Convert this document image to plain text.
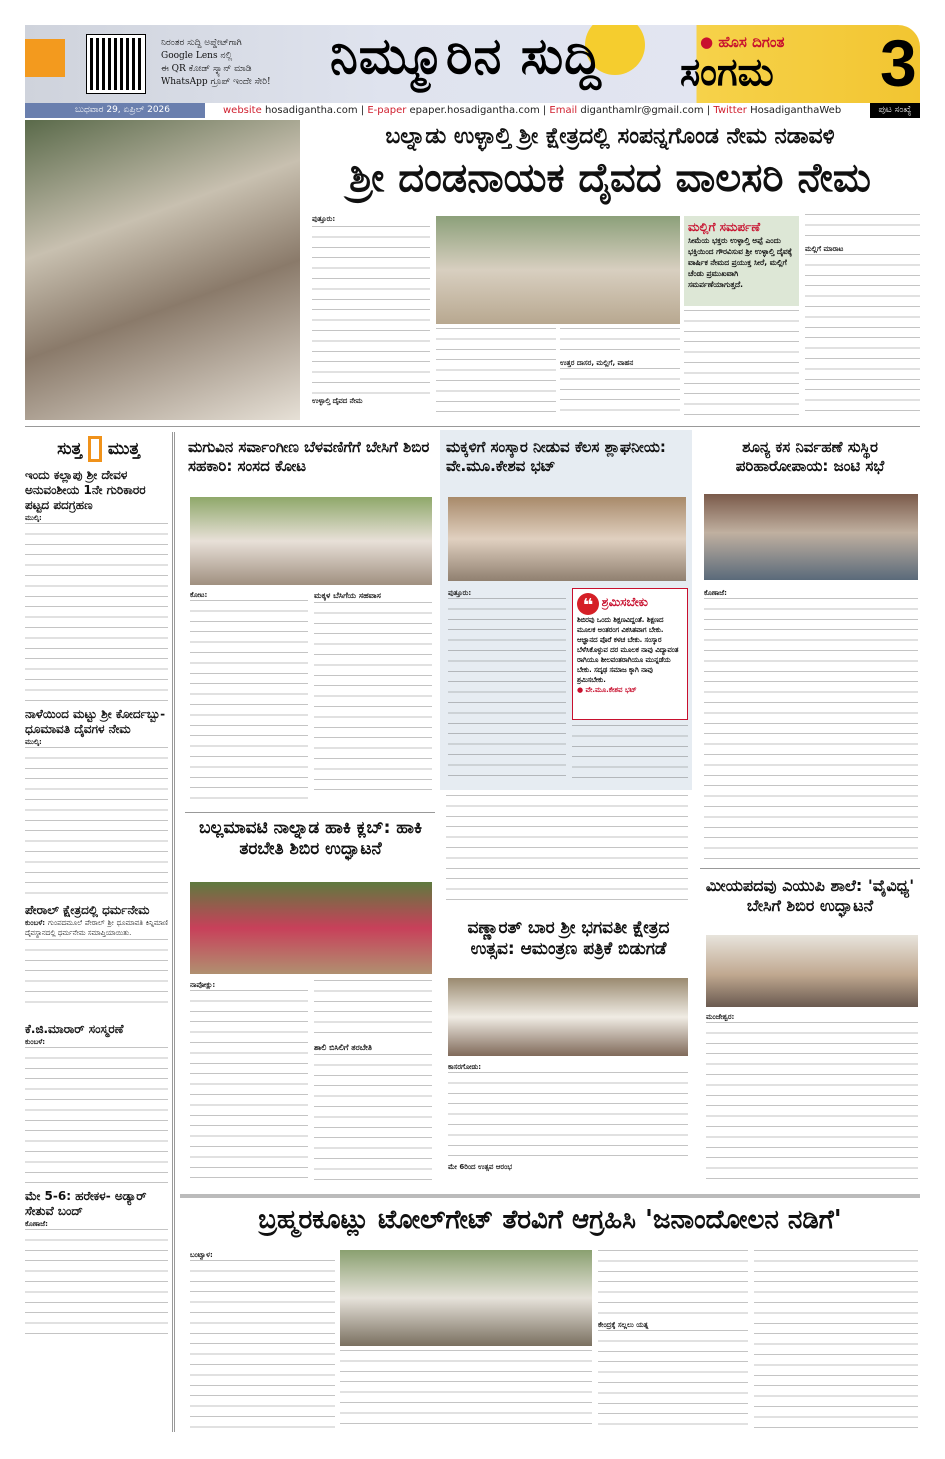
ನಿರಂತರ ಸುದ್ದಿ ಅಪ್ಡೇಟ್‌ಗಾಗಿ
Google Lens ನಲ್ಲಿ
ಈ QR ಕೋಡ್ ಸ್ಕ್ಯಾನ್ ಮಾಡಿ
WhatsApp ಗ್ರೂಪ್ ಇಂದೇ ಸೇರಿ! ನಿಮ್ಮೂರಿನ ಸುದ್ದಿ	● ಹೊಸ ದಿಗಂತ
ಸಂಗಮ 3
ಬುಧವಾರ 29, ಏಪ್ರಿಲ್ 2026	website hosadigantha.com | E-paper epaper.hosadigantha.com | Email diganthamlr@gmail.com | Twitter HosadiganthaWeb	ಪುಟ ಸಂಖ್ಯೆ
ಬಲ್ನಾಡು ಉಳ್ಳಾಲ್ತಿ ಶ್ರೀ ಕ್ಷೇತ್ರದಲ್ಲಿ ಸಂಪನ್ನಗೊಂಡ ನೇಮ ನಡಾವಳಿ
ಶ್ರೀ ದಂಡನಾಯಕ ದೈವದ ವಾಲಸರಿ ನೇಮ
ಪುತ್ತೂರು:
ಉಳ್ಳಾಲ್ತಿ ದೈವದ ನೇಮ
ಉತ್ತರ ದಾಸರ, ಮಲ್ಲಿಗೆ, ವಾಹನ
ಮಲ್ಲಿಗೆ ಸಮರ್ಪಣೆ
ಸೀಮೆಯ ಭಕ್ತರು ಉಳ್ಳಾಲ್ತಿ ಅಪ್ಪೆ ಎಂದು ಭಕ್ತಿಯಿಂದ ಗೌರವಿಸುವ ಶ್ರೀ ಉಳ್ಳಾಲ್ತಿ ದೈವಕ್ಕೆ ವಾರ್ಷಿಕ ನೇಮದ ಪ್ರಯುಕ್ತ ಸೀರೆ, ಮಲ್ಲಿಗೆ ಚೆಂಡು ಪ್ರಮುಖವಾಗಿ ಸಮರ್ಪಣೆಯಾಗುತ್ತದೆ.
ಮಲ್ಲಿಗೆ ಮಾರಾಟ
ಸುತ್ತ ಮುತ್ತ
ಇಂದು ಕಲ್ಲಾಪು ಶ್ರೀ ದೇವಳ ಅನುವಂಶೀಯ 1ನೇ ಗುರಿಕಾರರ ಪಟ್ಟದ ಪದಗ್ರಹಣ
ಮುಲ್ಕಿ:
ನಾಳೆಯಿಂದ ಮಟ್ಟು ಶ್ರೀ ಕೋರ್ದಬ್ಬು- ಧೂಮಾವತಿ ದೈವಗಳ ನೇಮ
ಮುಲ್ಕಿ:
ಪೇರಾಲ್ ಕ್ಷೇತ್ರದಲ್ಲಿ ಧರ್ಮನೇಮ
ಕುಂಬಳೆ: ಗುಂಪದಮೂಲೆ ಪೇರಾಲ್ ಶ್ರೀ ಧೂಮಾವತಿ ಕಿನ್ನಿಮಾಣಿ ದೈವಸ್ಥಾನದಲ್ಲಿ ಧರ್ಮನೇಮ ಸಮಾಪ್ತಿಯಾಯಿತು.
ಕೆ.ಜಿ.ಮಾರಾರ್ ಸಂಸ್ಮರಣೆ
ಕುಂಬಳೆ:
ಮೇ 5-6: ಹರೇಕಳ- ಅಡ್ಯಾರ್ ಸೇತುವೆ ಬಂದ್
ಕೊಣಾಜೆ:
ಮಗುವಿನ ಸರ್ವಾಂಗೀಣ ಬೆಳವಣಿಗೆಗೆ ಬೇಸಿಗೆ ಶಿಬಿರ ಸಹಕಾರಿ: ಸಂಸದ ಕೋಟ
ಕೋಟ:	ಮಕ್ಕಳ ಬೆಸಿಗೆಯ ಸಹವಾಸ
ಮಕ್ಕಳಿಗೆ ಸಂಸ್ಕಾರ ನೀಡುವ ಕೆಲಸ ಶ್ಲಾಘನೀಯ: ವೇ.ಮೂ.ಕೇಶವ ಭಟ್
ಪುತ್ತೂರು:
❝ ಶ್ರಮಿಸಬೇಕು
ಶಿಬಿರವು ಒಂದು ಶಿಕ್ಷಣವಿದ್ದಂತೆ. ಶಿಕ್ಷಣದ ಮೂಲಕ ಅಂತರಂಗ ವಿಕಸಿತವಾಗ ಬೇಕು. ಆಜ್ಞಾನದ ಪೊರೆ ಕಳಚ ಬೇಕು. ಸಂಸ್ಕಾರ ಬೆಳೆಸಿಕೊಳ್ಳುವ ದರ ಮೂಲಕ ನಾವು ವಿದ್ಯಾವಂತ ರಾಗಿಯೂ ಶೀಲವಂತರಾಗಿಯೂ ಮುನ್ನಡೆಯ ಬೇಕು. ಸದೃಢ ಸಮಾಜ ಕ್ಕಾಗಿ ನಾವು ಶ್ರಮಿಸಬೇಕು.
● ವೇ.ಮೂ.ಕೇಶವ ಭಟ್
ಶೂನ್ಯ ಕಸ ನಿರ್ವಹಣೆ ಸುಸ್ಥಿರ ಪರಿಹಾರೋಪಾಯ: ಜಂಟಿ ಸಭೆ
ಕೊಣಾಜೆ:
ಬಲ್ಲಮಾವಟಿ ನಾಲ್ನಾಡ ಹಾಕಿ ಕ್ಲಬ್: ಹಾಕಿ ತರಬೇತಿ ಶಿಬಿರ ಉದ್ಘಾಟನೆ
ನಾಪೋಕ್ಲು:
ಶಾಲಿ ಬಿಸಿಲಿಗೆ ತರಬೇತಿ
ವಣ್ಣಾರತ್ ಬಾರ ಶ್ರೀ ಭಗವತೀ ಕ್ಷೇತ್ರದ ಉತ್ಸವ: ಆಮಂತ್ರಣ ಪತ್ರಿಕೆ ಬಿಡುಗಡೆ
ಕಾಸರಗೋಡು:
ಮೇ 6ರಿಂದ ಉತ್ಸವ ಆರಂಭ
ಮೀಯಪದವು ಎಯುಪಿ ಶಾಲೆ: 'ವೈವಿಧ್ಯ' ಬೇಸಿಗೆ ಶಿಬಿರ ಉದ್ಘಾಟನೆ
ಮಂಜೇಶ್ವರ:
ಬ್ರಹ್ಮರಕೂಟ್ಲು ಟೋಲ್‌ಗೇಟ್ ತೆರವಿಗೆ ಆಗ್ರಹಿಸಿ 'ಜನಾಂದೋಲನ ನಡಿಗೆ'
ಬಂಟ್ವಾಳ:
ಕೇಂದ್ರಕ್ಕೆ ಸಲ್ಲಲು ಯತ್ನ
